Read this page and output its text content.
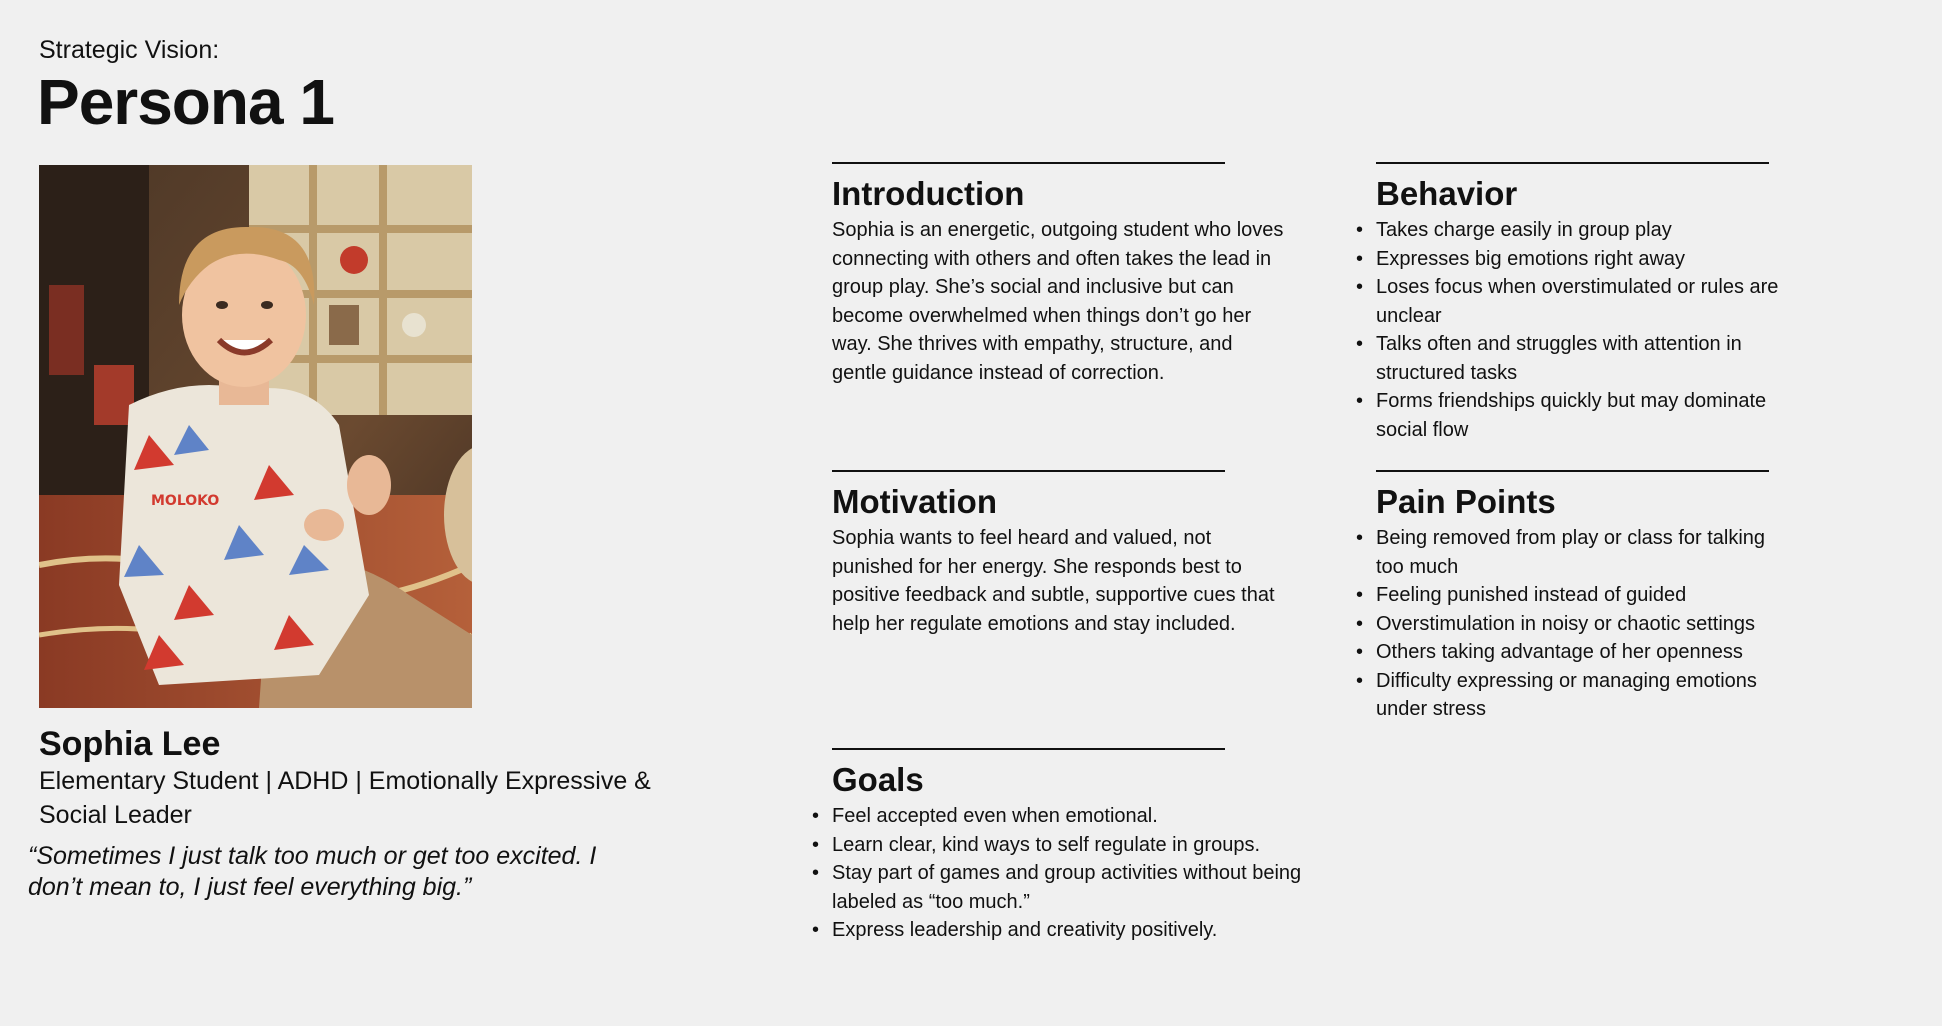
Strategic Vision:
Persona 1
MOLOKO
Sophia Lee
Elementary Student | ADHD | Emotionally Expressive & Social Leader
“Sometimes I just talk too much or get too excited. I don’t mean to, I just feel everything big.”
Introduction

Sophia is an energetic, outgoing student who loves connecting with others and often takes the lead in group play. She’s social and inclusive but can become overwhelmed when things don’t go her way. She thrives with empathy, structure, and gentle guidance instead of correction.

Motivation

Sophia wants to feel heard and valued, not punished for her energy. She responds best to positive feedback and subtle, supportive cues that help her regulate emotions and stay included.

Goals
• Feel accepted even when emotional.
• Learn clear, kind ways to self regulate in groups.
• Stay part of games and group activities without being labeled as “too much.”
• Express leadership and creativity positively.
Behavior
• Takes charge easily in group play
• Expresses big emotions right away
• Loses focus when overstimulated or rules are unclear
• Talks often and struggles with attention in structured tasks
• Forms friendships quickly but may dominate social flow
Pain Points
• Being removed from play or class for talking too much
• Feeling punished instead of guided
• Overstimulation in noisy or chaotic settings
• Others taking advantage of her openness
• Difficulty expressing or managing emotions under stress
